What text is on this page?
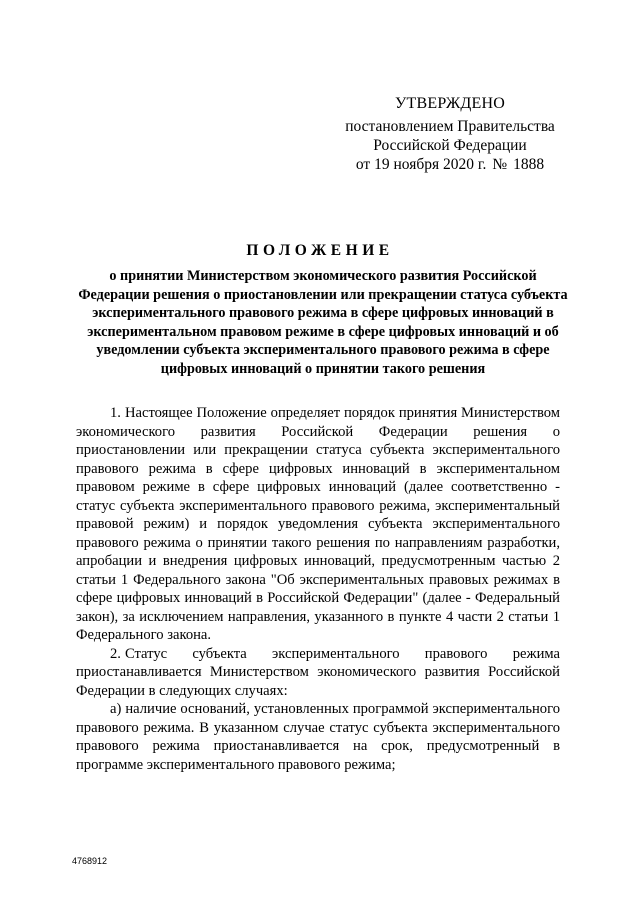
УТВЕРЖДЕНО
постановлением Правительства
Российской Федерации
от 19 ноября 2020 г. № 1888
ПОЛОЖЕНИЕ
о принятии Министерством экономического развития Российской Федерации решения о приостановлении или прекращении статуса субъекта экспериментального правового режима в сфере цифровых инноваций в экспериментальном правовом режиме в сфере цифровых инноваций и об уведомлении субъекта экспериментального правового режима в сфере цифровых инноваций о принятии такого решения

1. Настоящее Положение определяет порядок принятия Министерством экономического развития Российской Федерации решения о приостановлении или прекращении статуса субъекта экспериментального правового режима в сфере цифровых инноваций в экспериментальном правовом режиме в сфере цифровых инноваций (далее соответственно - статус субъекта экспериментального правового режима, экспериментальный правовой режим) и порядок уведомления субъекта экспериментального правового режима о принятии такого решения по направлениям разработки, апробации и внедрения цифровых инноваций, предусмотренным частью 2 статьи 1 Федерального закона "Об экспериментальных правовых режимах в сфере цифровых инноваций в Российской Федерации" (далее - Федеральный закон), за исключением направления, указанного в пункте 4 части 2 статьи 1 Федерального закона.

2. Статус субъекта экспериментального правового режима приостанавливается Министерством экономического развития Российской Федерации в следующих случаях:

а) наличие оснований, установленных программой экспериментального правового режима. В указанном случае статус субъекта экспериментального правового режима приостанавливается на срок, предусмотренный в программе экспериментального правового режима;

4768912
